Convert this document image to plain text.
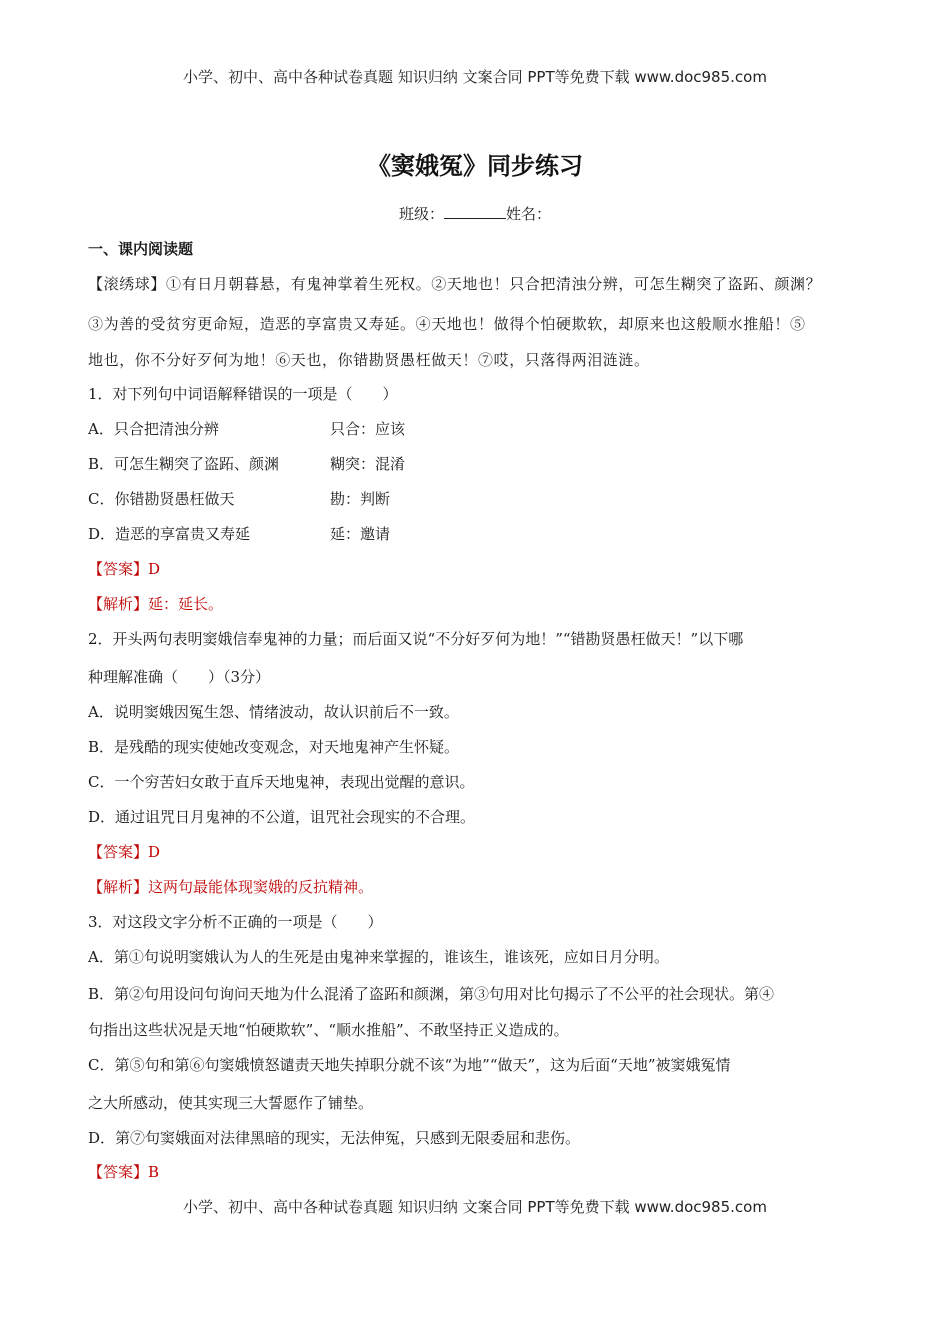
小学、初中、高中各种试卷真题 知识归纳 文案合同 PPT等免费下载 www.doc985.com
《窦娥冤》同步练习
班级：	姓名：
一、课内阅读题
【滚绣球】①有日月朝暮悬，有鬼神掌着生死权。②天地也！只合把清浊分辨，可怎生糊突了盗跖、颜渊？
③为善的受贫穷更命短，造恶的享富贵又寿延。④天地也！做得个怕硬欺软，却原来也这般顺水推船！⑤
地也，你不分好歹何为地！⑥天也，你错勘贤愚枉做天！⑦哎，只落得两泪涟涟。
1．对下列句中词语解释错误的一项是（　　）
A．只合把清浊分辨	只合：应该
B．可怎生糊突了盗跖、颜渊	糊突：混淆
C．你错勘贤愚枉做天	勘：判断
D．造恶的享富贵又寿延	延：邀请
【答案】D
【解析】延：延长。
2．开头两句表明窦娥信奉鬼神的力量；而后面又说“不分好歹何为地！”“错勘贤愚枉做天！”以下哪
种理解准确（　　）（3分）
A．说明窦娥因冤生怨、情绪波动，故认识前后不一致。
B．是残酷的现实使她改变观念，对天地鬼神产生怀疑。
C．一个穷苦妇女敢于直斥天地鬼神，表现出觉醒的意识。
D．通过诅咒日月鬼神的不公道，诅咒社会现实的不合理。
【答案】D
【解析】这两句最能体现窦娥的反抗精神。
3．对这段文字分析不正确的一项是（　　）
A．第①句说明窦娥认为人的生死是由鬼神来掌握的，谁该生，谁该死，应如日月分明。
B．第②句用设问句询问天地为什么混淆了盗跖和颜渊，第③句用对比句揭示了不公平的社会现状。第④
句指出这些状况是天地“怕硬欺软”、“顺水推船”、不敢坚持正义造成的。
C．第⑤句和第⑥句窦娥愤怒谴责天地失掉职分就不该“为地”“做天”，这为后面“天地”被窦娥冤情
之大所感动，使其实现三大誓愿作了铺垫。
D．第⑦句窦娥面对法律黑暗的现实，无法伸冤，只感到无限委屈和悲伤。
【答案】B
小学、初中、高中各种试卷真题 知识归纳 文案合同 PPT等免费下载 www.doc985.com
